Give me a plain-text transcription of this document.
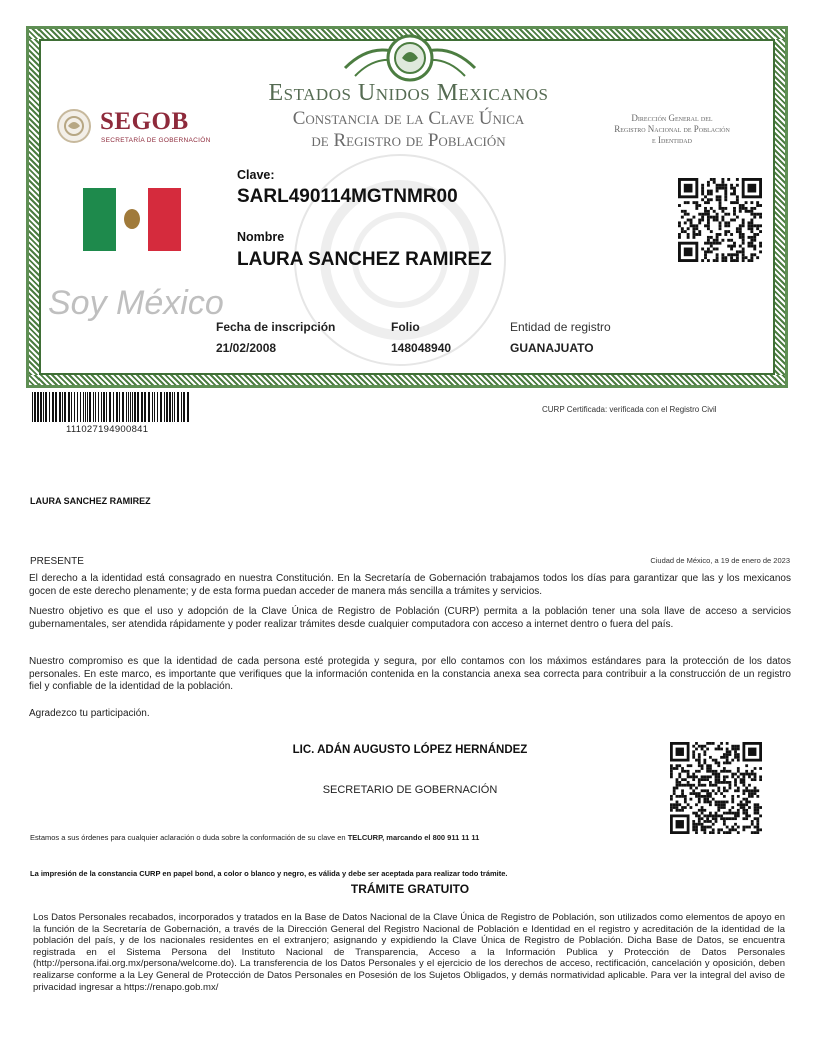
SEGOB
SECRETARÍA DE GOBERNACIÓN
Estados Unidos Mexicanos
Constancia de la Clave Única
de Registro de Población
Dirección General del
Registro Nacional de Población
e Identidad
Clave:
SARL490114MGTNMR00
Nombre
LAURA SANCHEZ RAMIREZ
Soy México
Fecha de inscripción
21/02/2008
Folio
148048940
Entidad de registro
GUANAJUATO
111027194900841
CURP Certificada: verificada con el Registro Civil
LAURA SANCHEZ RAMIREZ
PRESENTE	Ciudad de México, a 19 de enero de 2023
El derecho a la identidad está consagrado en nuestra Constitución. En la Secretaría de Gobernación trabajamos todos los días para garantizar que las y los mexicanos gocen de este derecho plenamente; y de esta forma puedan acceder de manera más sencilla a trámites y servicios.
Nuestro objetivo es que el uso y adopción de la Clave Única de Registro de Población (CURP) permita a la población tener una sola llave de acceso a servicios gubernamentales, ser atendida rápidamente y poder realizar trámites desde cualquier computadora con acceso a internet dentro o fuera del país.
Nuestro compromiso es que la identidad de cada persona esté protegida y segura, por ello contamos con los máximos estándares para la protección de los datos personales. En este marco, es importante que verifiques que la información contenida en la constancia anexa sea correcta para contribuir a la construcción de un registro fiel y confiable de la identidad de la población.
Agradezco tu participación.
LIC. ADÁN AUGUSTO LÓPEZ HERNÁNDEZ
SECRETARIO DE GOBERNACIÓN
Estamos a sus órdenes para cualquier aclaración o duda sobre la conformación de su clave en TELCURP, marcando el 800 911 11 11
La impresión de la constancia CURP en papel bond, a color o blanco y negro, es válida y debe ser aceptada para realizar todo trámite.
TRÁMITE GRATUITO
Los Datos Personales recabados, incorporados y tratados en la Base de Datos Nacional de la Clave Única de Registro de Población, son utilizados como elementos de apoyo en la función de la Secretaría de Gobernación, a través de la Dirección General del Registro Nacional de Población e Identidad en el registro y acreditación de la identidad de la población del país, y de los nacionales residentes en el extranjero; asignando y expidiendo la Clave Única de Registro de Población. Dicha Base de Datos, se encuentra registrada en el Sistema Persona del Instituto Nacional de Transparencia, Acceso a la Información Publica y Protección de Datos Personales (http://persona.ifai.org.mx/persona/welcome.do). La transferencia de los Datos Personales y el ejercicio de los derechos de acceso, rectificación, cancelación y oposición, deben realizarse conforme a la Ley General de Protección de Datos Personales en Posesión de los Sujetos Obligados, y demás normatividad aplicable. Para ver la integral del aviso de privacidad ingresar a https://renapo.gob.mx/
